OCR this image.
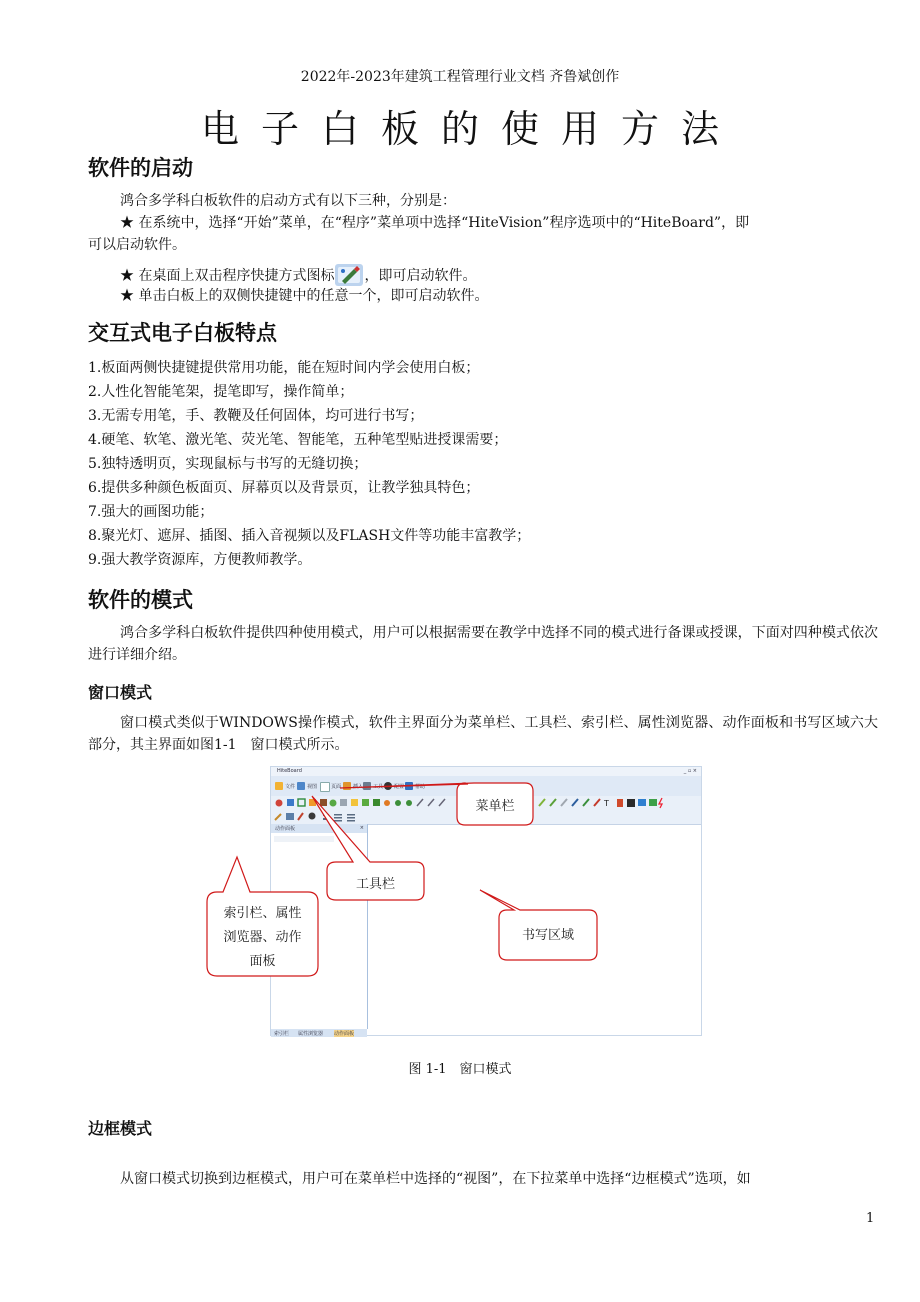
2022年-2023年建筑工程管理行业文档 齐鲁斌创作
电子白板的使用方法
软件的启动
鸿合多学科白板软件的启动方式有以下三种，分别是：
★ 在系统中，选择“开始”菜单，在“程序”菜单项中选择“HiteVision”程序选项中的“HiteBoard”，即
可以启动软件。
★ 在桌面上双击程序快捷方式图标 ，即可启动软件。
★ 单击白板上的双侧快捷键中的任意一个，即可启动软件。
交互式电子白板特点
1.板面两侧快捷键提供常用功能，能在短时间内学会使用白板；
2.人性化智能笔架，提笔即写，操作简单；
3.无需专用笔，手、教鞭及任何固体，均可进行书写；
4.硬笔、软笔、激光笔、荧光笔、智能笔，五种笔型贴进授课需要；
5.独特透明页，实现鼠标与书写的无缝切换；
6.提供多种颜色板面页、屏幕页以及背景页，让教学独具特色；
7.强大的画图功能；
8.聚光灯、遮屏、插图、插入音视频以及FLASH文件等功能丰富教学；
9.强大教学资源库，方便教师教学。
软件的模式
鸿合多学科白板软件提供四种使用模式，用户可以根据需要在教学中选择不同的模式进行备课或授课，下面对四种模式依次进行详细介绍。
窗口模式
窗口模式类似于WINDOWS操作模式，软件主界面分为菜单栏、工具栏、索引栏、属性浏览器、动作面板和书写区域六大部分，其主界面如图1-1　窗口模式所示。
HiteBoard	_ ▫ ×
文件 视图	页面	配置 帮助
T
动作面板	×
索引栏 属性浏览器 动作面板
菜单栏
工具栏
索引栏、属性
浏览器、动作
面板
书写区域
图 1-1　窗口模式
边框模式
从窗口模式切换到边框模式，用户可在菜单栏中选择的“视图”，在下拉菜单中选择“边框模式”选项，如
1
